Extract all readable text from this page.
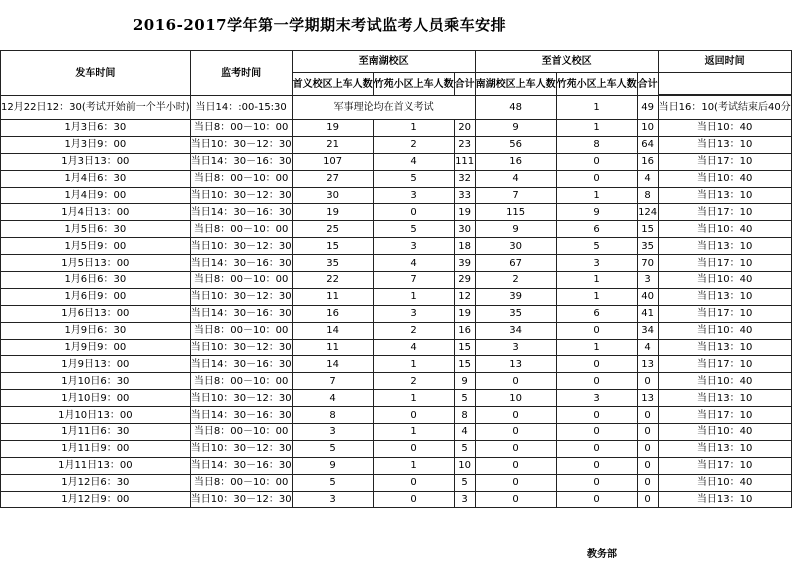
2016-2017学年第一学期期末考试监考人员乘车安排
发车时间	监考时间	至南湖校区			至首义校区			返回时间
		首义校区上车人数	竹苑小区上车人数	合计	南湖校区上车人数	竹苑小区上车人数	合计	

12月22日12：30(考试开始前一个半小时)	当日14：:00-15:30	军事理论均在首义考试			48	1	49	当日16：10(考试结束后40分
1月3日6：30	当日8：00－10：00	19	1	20	9	1	10	当日10：40
1月3日9：00	当日10：30－12：30	21	2	23	56	8	64	当日13：10
1月3日13：00	当日14：30－16：30	107	4	111	16	0	16	当日17：10
1月4日6：30	当日8：00－10：00	27	5	32	4	0	4	当日10：40
1月4日9：00	当日10：30－12：30	30	3	33	7	1	8	当日13：10
1月4日13：00	当日14：30－16：30	19	0	19	115	9	124	当日17：10
1月5日6：30	当日8：00－10：00	25	5	30	9	6	15	当日10：40
1月5日9：00	当日10：30－12：30	15	3	18	30	5	35	当日13：10
1月5日13：00	当日14：30－16：30	35	4	39	67	3	70	当日17：10
1月6日6：30	当日8：00－10：00	22	7	29	2	1	3	当日10：40
1月6日9：00	当日10：30－12：30	11	1	12	39	1	40	当日13：10
1月6日13：00	当日14：30－16：30	16	3	19	35	6	41	当日17：10
1月9日6：30	当日8：00－10：00	14	2	16	34	0	34	当日10：40
1月9日9：00	当日10：30－12：30	11	4	15	3	1	4	当日13：10
1月9日13：00	当日14：30－16：30	14	1	15	13	0	13	当日17：10
1月10日6：30	当日8：00－10：00	7	2	9	0	0	0	当日10：40
1月10日9：00	当日10：30－12：30	4	1	5	10	3	13	当日13：10
1月10日13：00	当日14：30－16：30	8	0	8	0	0	0	当日17：10
1月11日6：30	当日8：00－10：00	3	1	4	0	0	0	当日10：40
1月11日9：00	当日10：30－12：30	5	0	5	0	0	0	当日13：10
1月11日13：00	当日14：30－16：30	9	1	10	0	0	0	当日17：10
1月12日6：30	当日8：00－10：00	5	0	5	0	0	0	当日10：40
1月12日9：00	当日10：30－12：30	3	0	3	0	0	0	当日13：10
教务部
